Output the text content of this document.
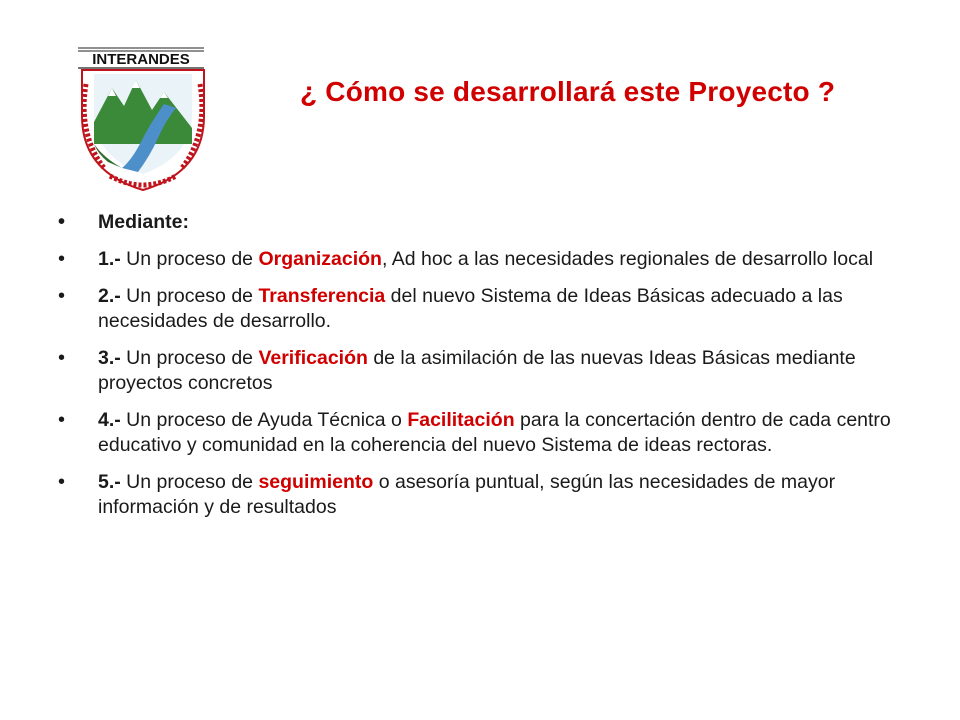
INTERANDES
¿ Cómo se desarrollará este Proyecto ?
• Mediante:
• 1.- Un proceso de Organización, Ad hoc a las necesidades regionales de desarrollo local
• 2.- Un proceso de Transferencia del nuevo Sistema de Ideas Básicas adecuado a las necesidades de desarrollo.
• 3.- Un proceso de Verificación de la asimilación de las nuevas Ideas Básicas mediante proyectos concretos
• 4.- Un proceso de Ayuda Técnica o Facilitación para la concertación dentro de cada centro educativo y comunidad en la coherencia del nuevo Sistema de ideas rectoras.
• 5.- Un proceso de seguimiento o asesoría puntual, según las necesidades de mayor información y de resultados
